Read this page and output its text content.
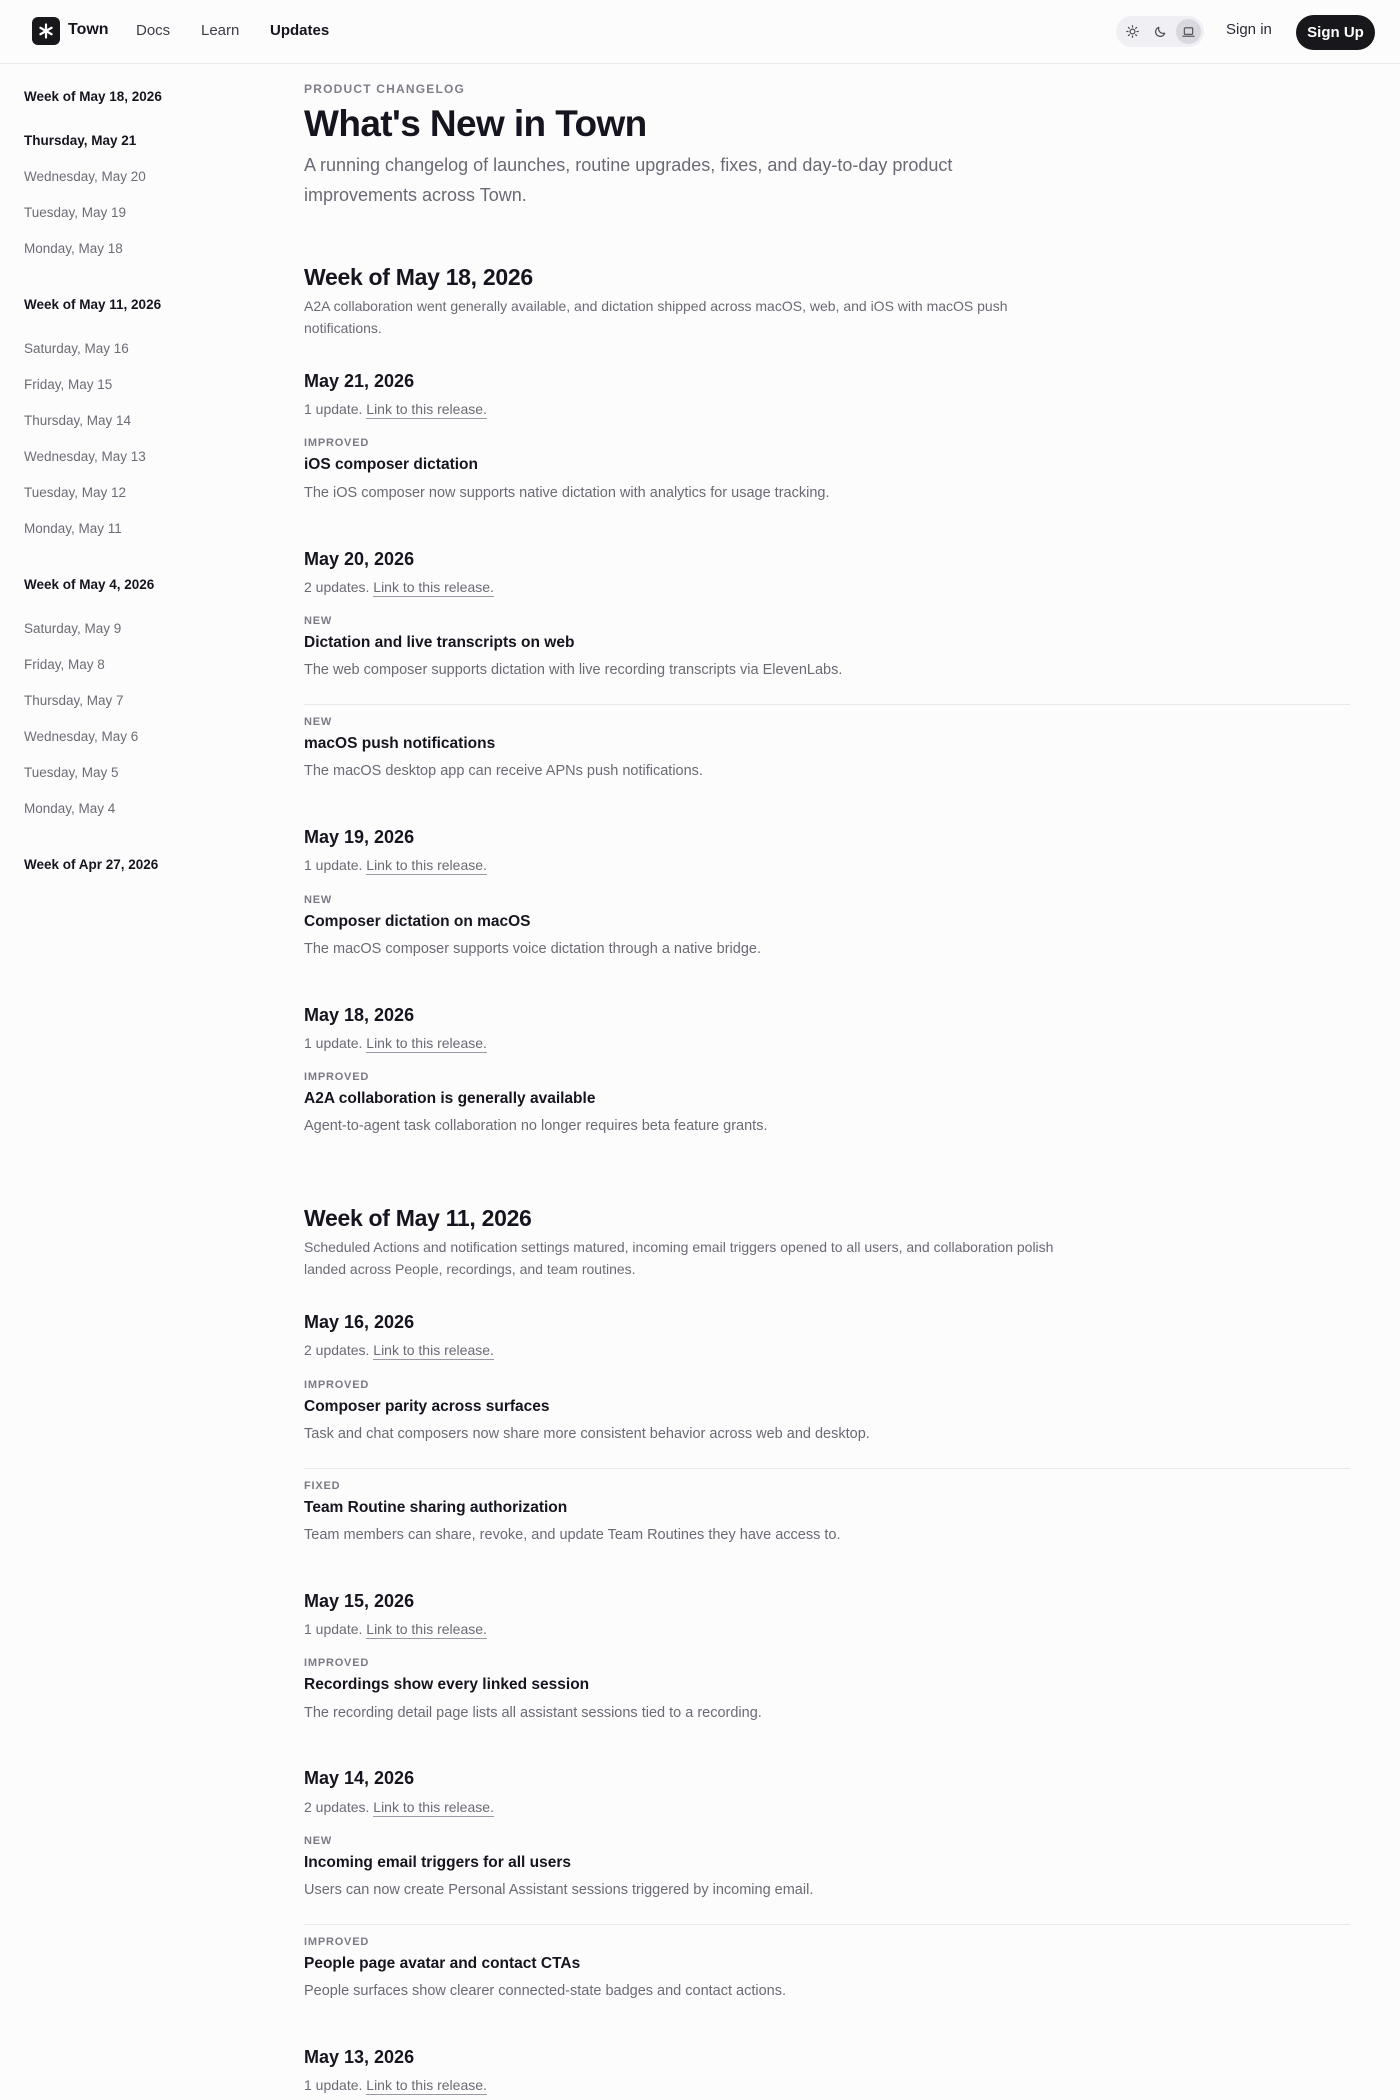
Town Docs Learn Updates	Sign in	Sign Up
Week of May 18, 2026
Thursday, May 21
Wednesday, May 20
Tuesday, May 19
Monday, May 18
Week of May 11, 2026
Saturday, May 16
Friday, May 15
Thursday, May 14
Wednesday, May 13
Tuesday, May 12
Monday, May 11
Week of May 4, 2026
Saturday, May 9
Friday, May 8
Thursday, May 7
Wednesday, May 6
Tuesday, May 5
Monday, May 4
Week of Apr 27, 2026
PRODUCT CHANGELOG
What's New in Town

A running changelog of launches, routine upgrades, fixes, and day-to-day product improvements across Town.

Week of May 18, 2026

A2A collaboration went generally available, and dictation shipped across macOS, web, and iOS with macOS push notifications.

May 21, 2026
1 update. Link to this release.
IMPROVED
iOS composer dictation
The iOS composer now supports native dictation with analytics for usage tracking.
May 20, 2026
2 updates. Link to this release.
NEW
Dictation and live transcripts on web
The web composer supports dictation with live recording transcripts via ElevenLabs.
NEW
macOS push notifications
The macOS desktop app can receive APNs push notifications.
May 19, 2026
1 update. Link to this release.
NEW
Composer dictation on macOS
The macOS composer supports voice dictation through a native bridge.
May 18, 2026
1 update. Link to this release.
IMPROVED
A2A collaboration is generally available
Agent-to-agent task collaboration no longer requires beta feature grants.
Week of May 11, 2026

Scheduled Actions and notification settings matured, incoming email triggers opened to all users, and collaboration polish landed across People, recordings, and team routines.

May 16, 2026
2 updates. Link to this release.
IMPROVED
Composer parity across surfaces
Task and chat composers now share more consistent behavior across web and desktop.
FIXED
Team Routine sharing authorization
Team members can share, revoke, and update Team Routines they have access to.
May 15, 2026
1 update. Link to this release.
IMPROVED
Recordings show every linked session
The recording detail page lists all assistant sessions tied to a recording.
May 14, 2026
2 updates. Link to this release.
NEW
Incoming email triggers for all users
Users can now create Personal Assistant sessions triggered by incoming email.
IMPROVED
People page avatar and contact CTAs
People surfaces show clearer connected-state badges and contact actions.
May 13, 2026
1 update. Link to this release.
